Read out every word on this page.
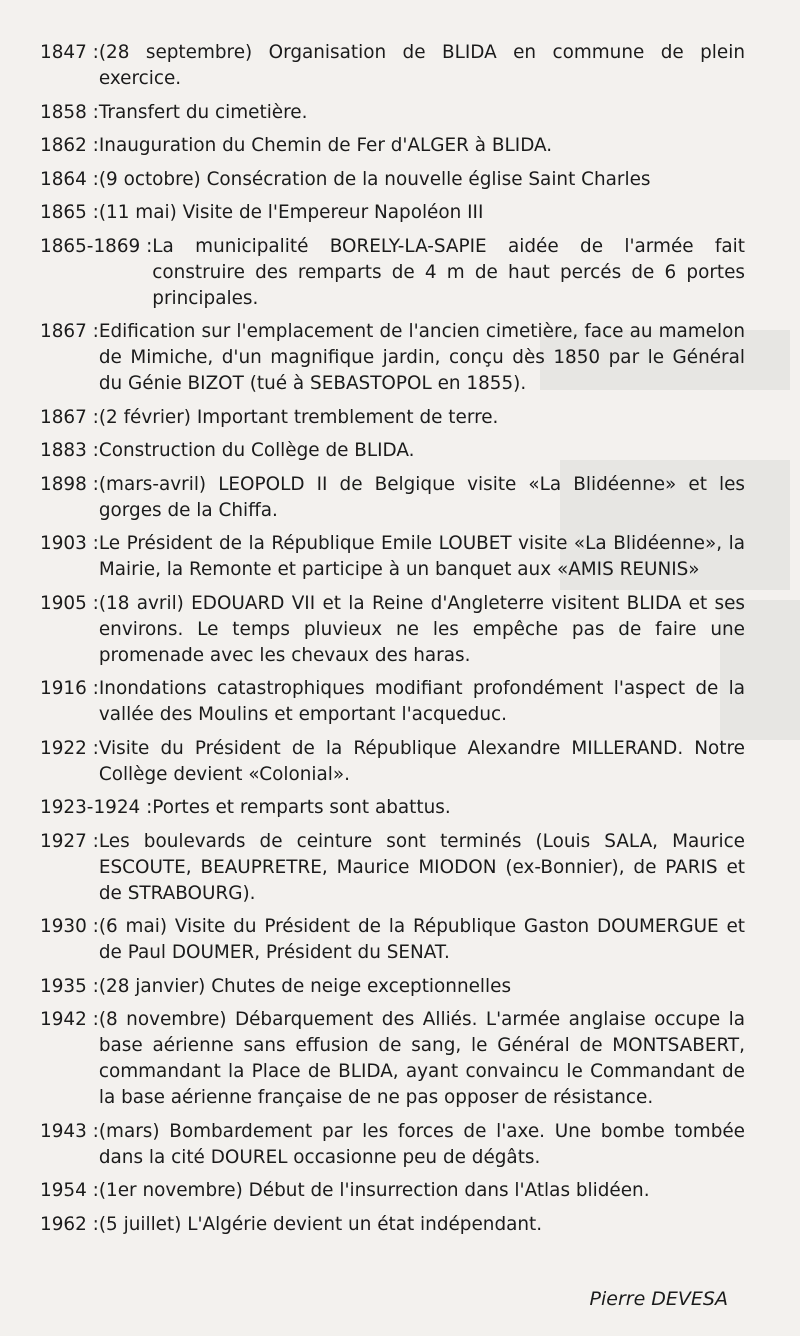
1847 : (28 septembre) Organisation de BLIDA en commune de plein exercice.
1858 : Transfert du cimetière.
1862 : Inauguration du Chemin de Fer d'ALGER à BLIDA.
1864 : (9 octobre) Consécration de la nouvelle église Saint Charles
1865 : (11 mai) Visite de l'Empereur Napoléon III
1865-1869 : La municipalité BORELY-LA-SAPIE aidée de l'armée fait construire des remparts de 4 m de haut percés de 6 portes principales.
1867 : Edification sur l'emplacement de l'ancien cimetière, face au mamelon de Mimiche, d'un magnifique jardin, conçu dès 1850 par le Général du Génie BIZOT (tué à SEBASTOPOL en 1855).
1867 : (2 février) Important tremblement de terre.
1883 : Construction du Collège de BLIDA.
1898 : (mars-avril) LEOPOLD II de Belgique visite «La Blidéenne» et les gorges de la Chiffa.
1903 : Le Président de la République Emile LOUBET visite «La Blidéenne», la Mairie, la Remonte et participe à un banquet aux «AMIS REUNIS»
1905 : (18 avril) EDOUARD VII et la Reine d'Angleterre visitent BLIDA et ses environs. Le temps pluvieux ne les empêche pas de faire une promenade avec les chevaux des haras.
1916 : Inondations catastrophiques modifiant profondément l'aspect de la vallée des Moulins et emportant l'acqueduc.
1922 : Visite du Président de la République Alexandre MILLERAND. Notre Collège devient «Colonial».
1923-1924 : Portes et remparts sont abattus.
1927 : Les boulevards de ceinture sont terminés (Louis SALA, Maurice ESCOUTE, BEAUPRETRE, Maurice MIODON (ex-Bonnier), de PARIS et de STRABOURG).
1930 : (6 mai) Visite du Président de la République Gaston DOUMERGUE et de Paul DOUMER, Président du SENAT.
1935 : (28 janvier) Chutes de neige exceptionnelles
1942 : (8 novembre) Débarquement des Alliés. L'armée anglaise occupe la base aérienne sans effusion de sang, le Général de MONTSABERT, commandant la Place de BLIDA, ayant convaincu le Commandant de la base aérienne française de ne pas opposer de résistance.
1943 : (mars) Bombardement par les forces de l'axe. Une bombe tombée dans la cité DOUREL occasionne peu de dégâts.
1954 : (1er novembre) Début de l'insurrection dans l'Atlas blidéen.
1962 : (5 juillet) L'Algérie devient un état indépendant.
Pierre DEVESA
